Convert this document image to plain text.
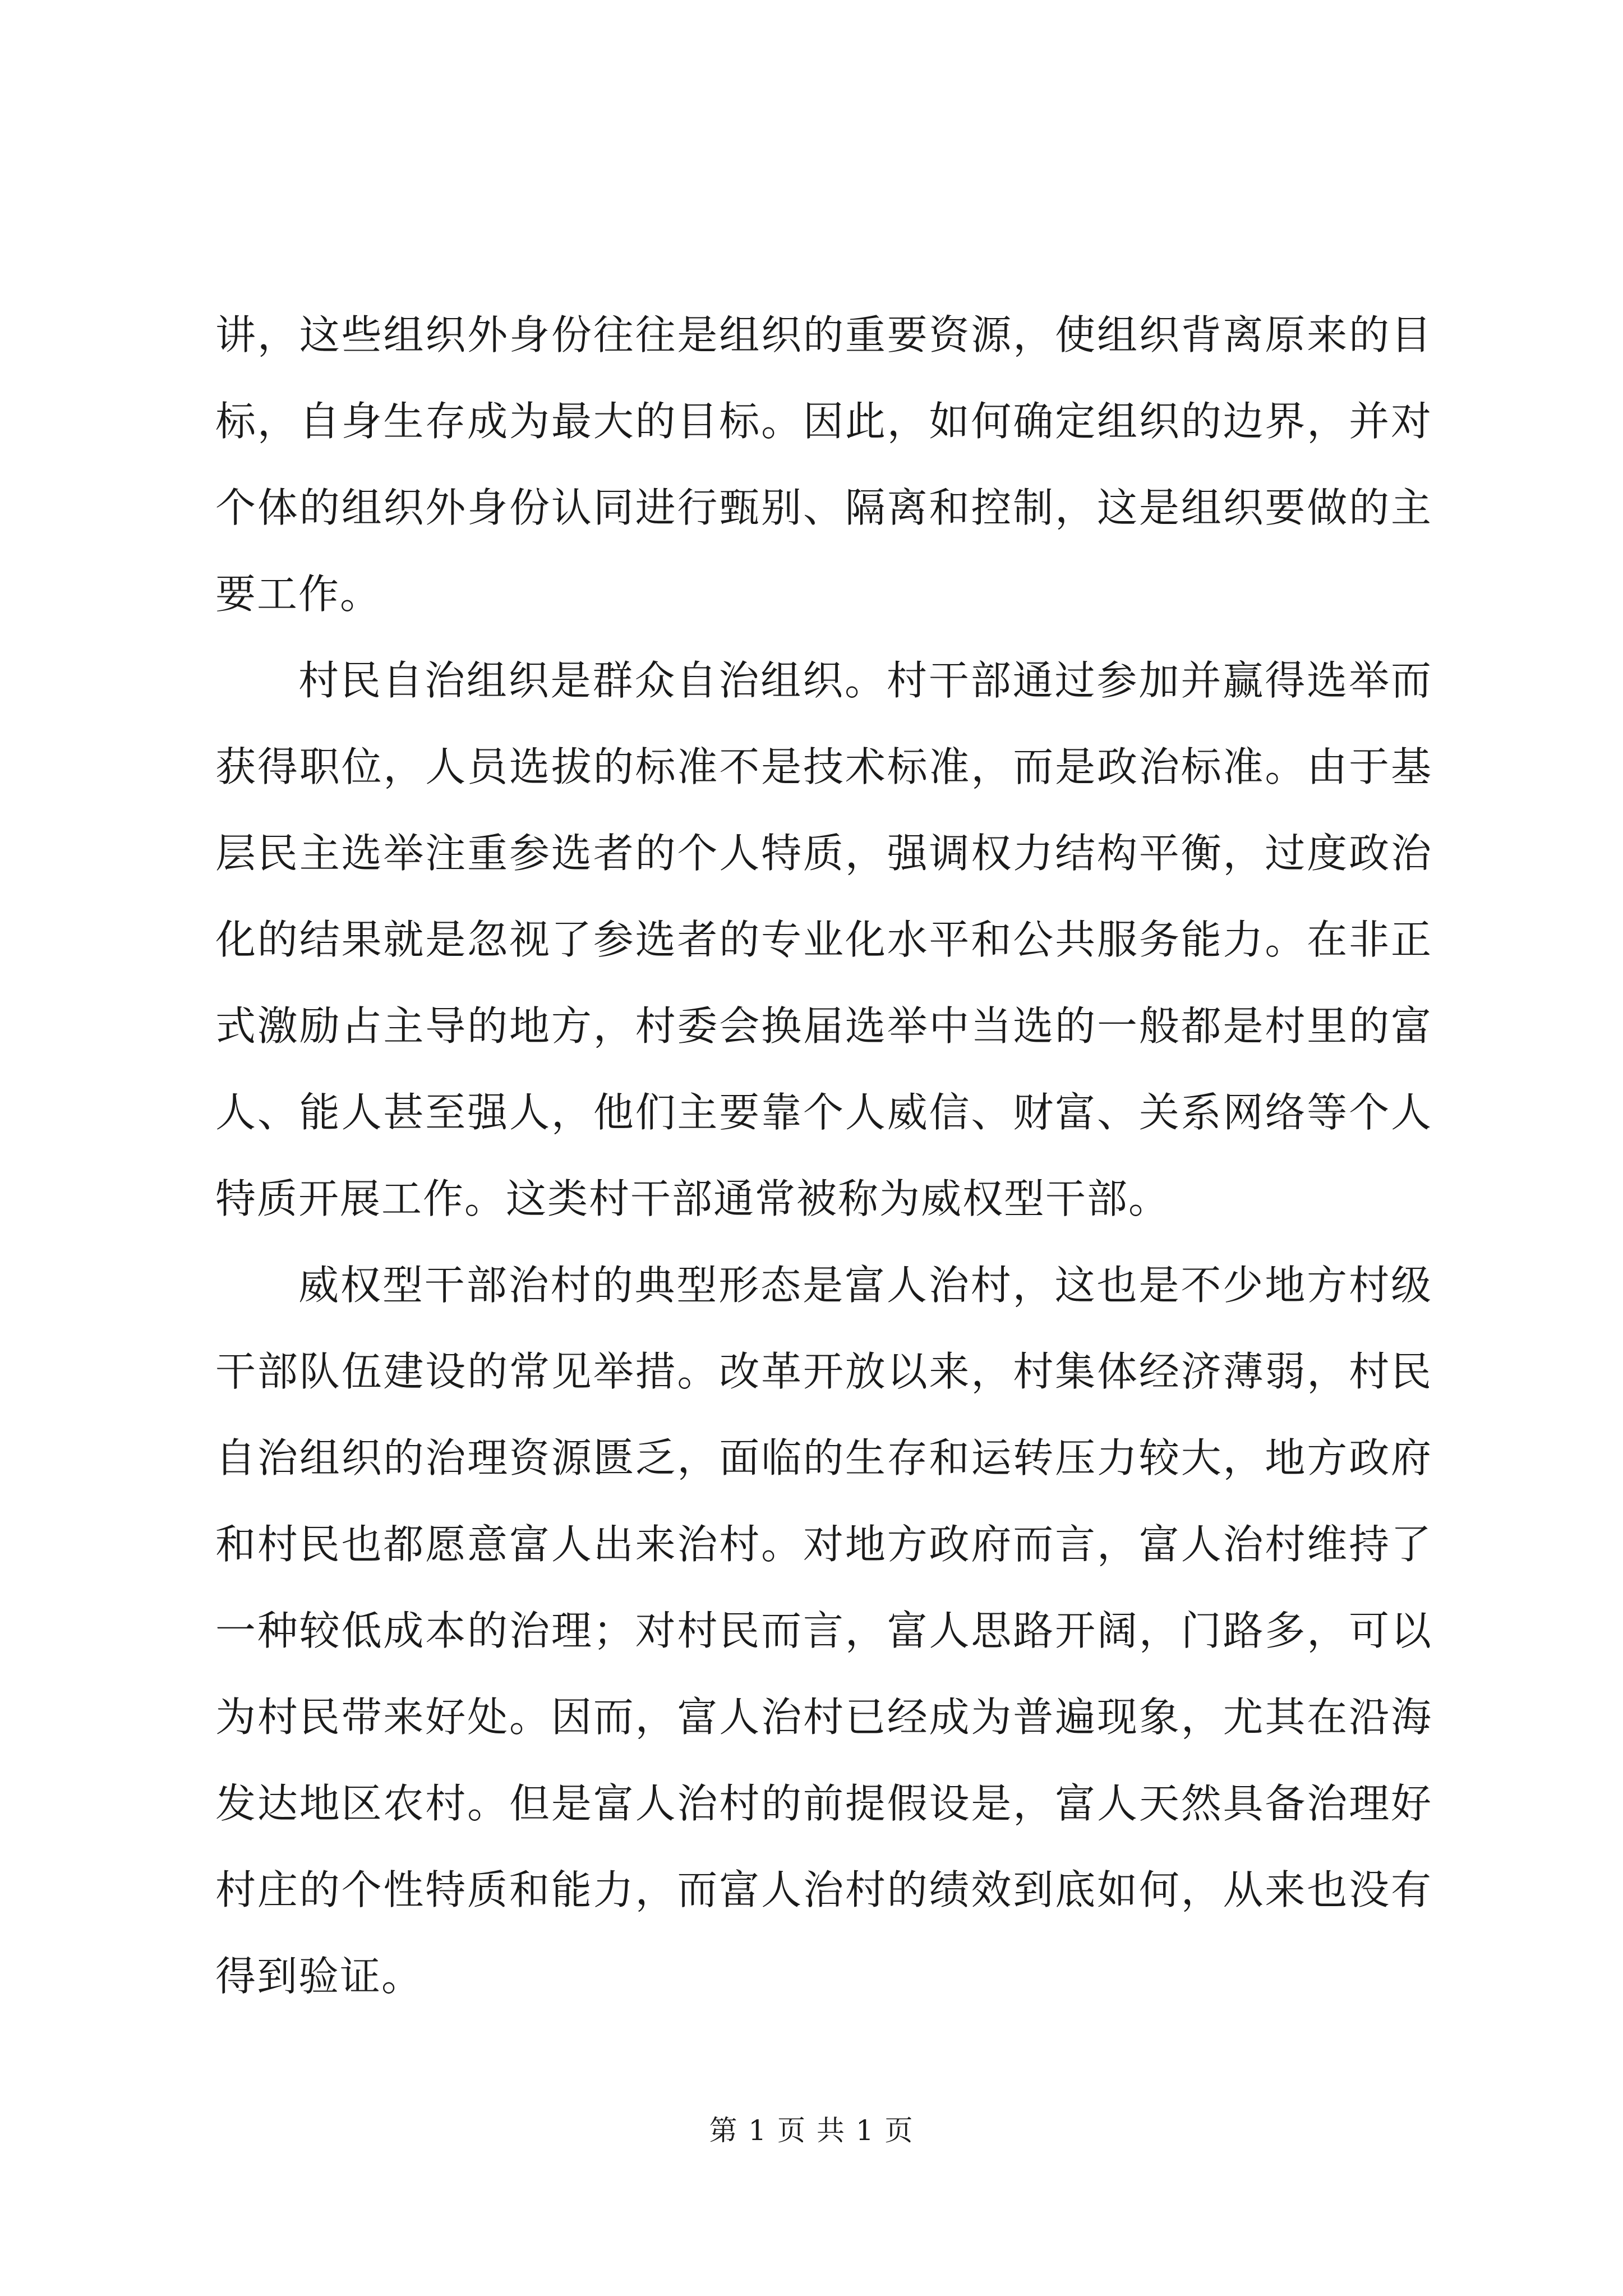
讲，这些组织外身份往往是组织的重要资源，使组织背离原来的目标，自身生存成为最大的目标。因此，如何确定组织的边界，并对个体的组织外身份认同进行甄别、隔离和控制，这是组织要做的主要工作。

村民自治组织是群众自治组织。村干部通过参加并赢得选举而获得职位，人员选拔的标准不是技术标准，而是政治标准。由于基层民主选举注重参选者的个人特质，强调权力结构平衡，过度政治化的结果就是忽视了参选者的专业化水平和公共服务能力。在非正式激励占主导的地方，村委会换届选举中当选的一般都是村里的富人、能人甚至强人，他们主要靠个人威信、财富、关系网络等个人特质开展工作。这类村干部通常被称为威权型干部。

威权型干部治村的典型形态是富人治村，这也是不少地方村级干部队伍建设的常见举措。改革开放以来，村集体经济薄弱，村民自治组织的治理资源匮乏，面临的生存和运转压力较大，地方政府和村民也都愿意富人出来治村。对地方政府而言，富人治村维持了一种较低成本的治理；对村民而言，富人思路开阔，门路多，可以为村民带来好处。因而，富人治村已经成为普遍现象，尤其在沿海发达地区农村。但是富人治村的前提假设是，富人天然具备治理好村庄的个性特质和能力，而富人治村的绩效到底如何，从来也没有得到验证。

第 1 页 共 1 页
